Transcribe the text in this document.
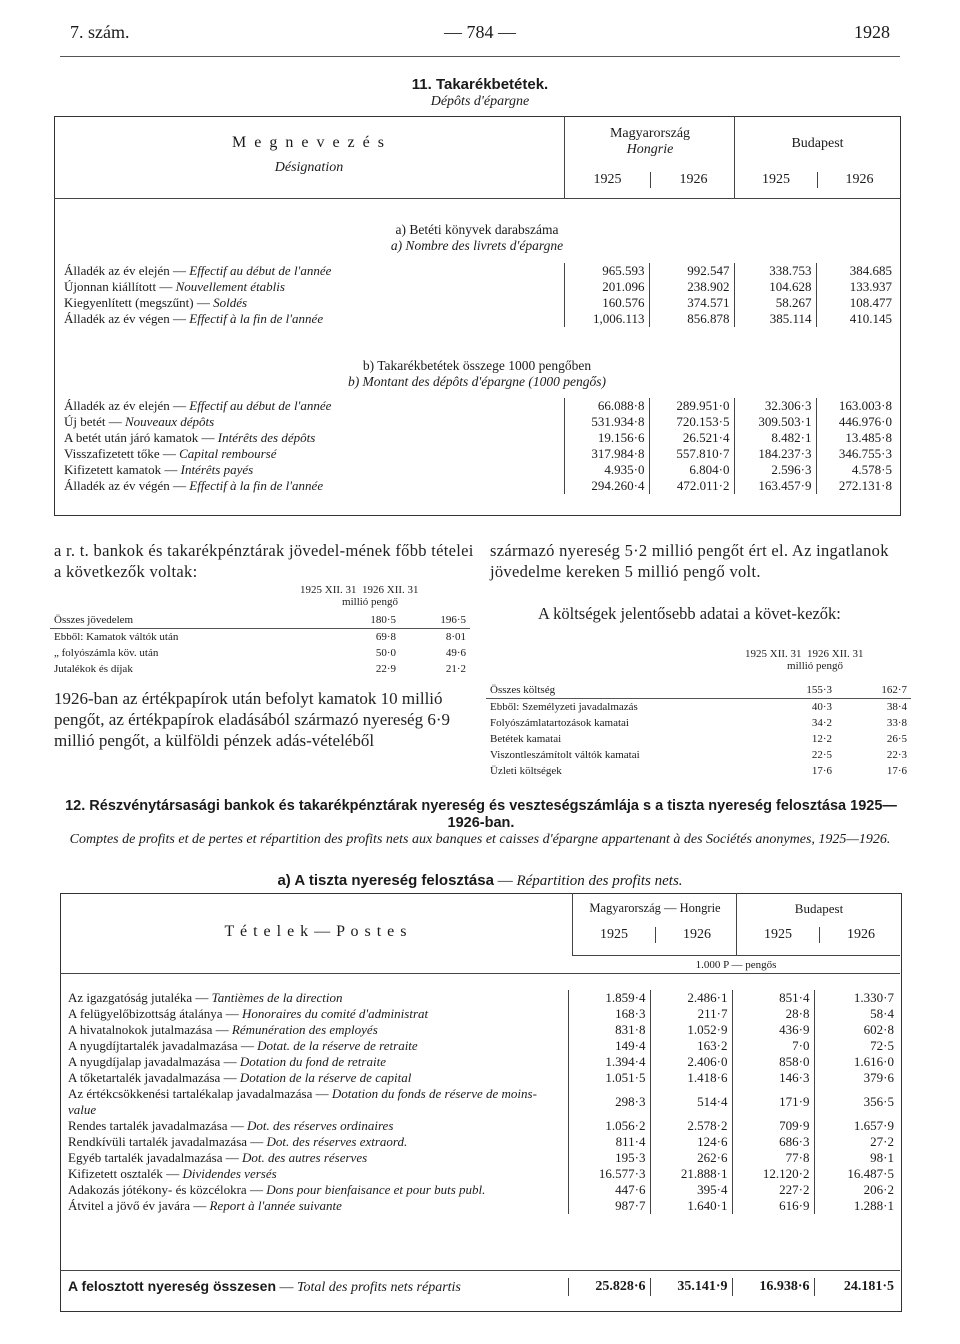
7. szám.	— 784 —	1928
11. Takarékbetétek.
Dépôts d'épargne
M e g n e v e z é s
Désignation
Magyarország
Hongrie
1925	1926
Budapest
1925	1926
a) Betéti könyvek darabszáma
a) Nombre des livrets d'épargne
Álladék az év elején — Effectif au début de l'année	965.593	992.547	338.753	384.685
Újonnan kiállított — Nouvellement établis	201.096	238.902	104.628	133.937
Kiegyenlített (megszűnt) — Soldés	160.576	374.571	58.267	108.477
Álladék az év végen — Effectif à la fin de l'année	1,006.113	856.878	385.114	410.145
b) Takarékbetétek összege 1000 pengőben
b) Montant des dépôts d'épargne (1000 pengős)
Álladék az év elején — Effectif au début de l'année	66.088·8	289.951·0	32.306·3	163.003·8
Új betét — Nouveaux dépôts	531.934·8	720.153·5	309.503·1	446.976·0
A betét után járó kamatok — Intérêts des dépôts	19.156·6	26.521·4	8.482·1	13.485·8
Visszafizetett tőke — Capital remboursé	317.984·8	557.810·7	184.237·3	346.755·3
Kifizetett kamatok — Intérêts payés	4.935·0	6.804·0	2.596·3	4.578·5
Álladék az év végén — Effectif à la fin de l'année	294.260·4	472.011·2	163.457·9	272.131·8
a r. t. bankok és takarékpénztárak jövedel-mének főbb tételei a következők voltak:
1925 XII. 31 1926 XII. 31
millió pengő
Összes jövedelem	180·5	196·5
Ebből: Kamatok váltók után	69·8	8·01
„ folyószámla köv. után	50·0	49·6
Jutalékok és díjak	22·9	21·2
1926-ban az értékpapírok után befolyt kamatok 10 millió pengőt, az értékpapírok eladásából származó nyereség 6·9 millió pengőt, a külföldi pénzek adás-vételéből
származó nyereség 5·2 millió pengőt ért el. Az ingatlanok jövedelme kereken 5 millió pengő volt.
A költségek jelentősebb adatai a követ-kezők:
1925 XII. 31 1926 XII. 31
millió pengő
Összes költség	155·3	162·7
Ebből: Személyzeti javadalmazás	40·3	38·4
Folyószámlatartozások kamatai	34·2	33·8
Betétek kamatai	12·2	26·5
Viszontleszámítolt váltók kamatai	22·5	22·3
Üzleti költségek	17·6	17·6
12. Részvénytársasági bankok és takarékpénztárak nyereség és veszteségszámlája s a tiszta nyereség felosztása 1925—1926-ban.
Comptes de profits et de pertes et répartition des profits nets aux banques et caisses d'épargne appartenant à des Sociétés anonymes, 1925—1926.
a) A tiszta nyereség felosztása — Répartition des profits nets.
T é t e l e k — P o s t e s
Magyarország — Hongrie
1925	1926
Budapest
1925	1926
1.000 P — pengős
Az igazgatóság jutaléka — Tantièmes de la direction	1.859·4	2.486·1	851·4	1.330·7
A felügyelőbizottság átalánya — Honoraires du comité d'administrat	168·3	211·7	28·8	58·4
A hivatalnokok jutalmazása — Rémunération des employés	831·8	1.052·9	436·9	602·8
A nyugdíjtartalék javadalmazása — Dotat. de la réserve de retraite	149·4	163·2	7·0	72·5
A nyugdíjalap javadalmazása — Dotation du fond de retraite	1.394·4	2.406·0	858·0	1.616·0
A tőketartalék javadalmazása — Dotation de la réserve de capital	1.051·5	1.418·6	146·3	379·6
Az értékcsökkenési tartalékalap javadalmazása — Dotation du fonds de réserve de moins-value	298·3	514·4	171·9	356·5
Rendes tartalék javadalmazása — Dot. des réserves ordinaires	1.056·2	2.578·2	709·9	1.657·9
Rendkívüli tartalék javadalmazása — Dot. des réserves extraord.	811·4	124·6	686·3	27·2
Egyéb tartalék javadalmazása — Dot. des autres réserves	195·3	262·6	77·8	98·1
Kifizetett osztalék — Dividendes versés	16.577·3	21.888·1	12.120·2	16.487·5
Adakozás jótékony- és közcélokra — Dons pour bienfaisance et pour buts publ.	447·6	395·4	227·2	206·2
Átvitel a jövő év javára — Report à l'année suivante	987·7	1.640·1	616·9	1.288·1
A felosztott nyereség összesen — Total des profits nets répartis	25.828·6	35.141·9	16.938·6	24.181·5
